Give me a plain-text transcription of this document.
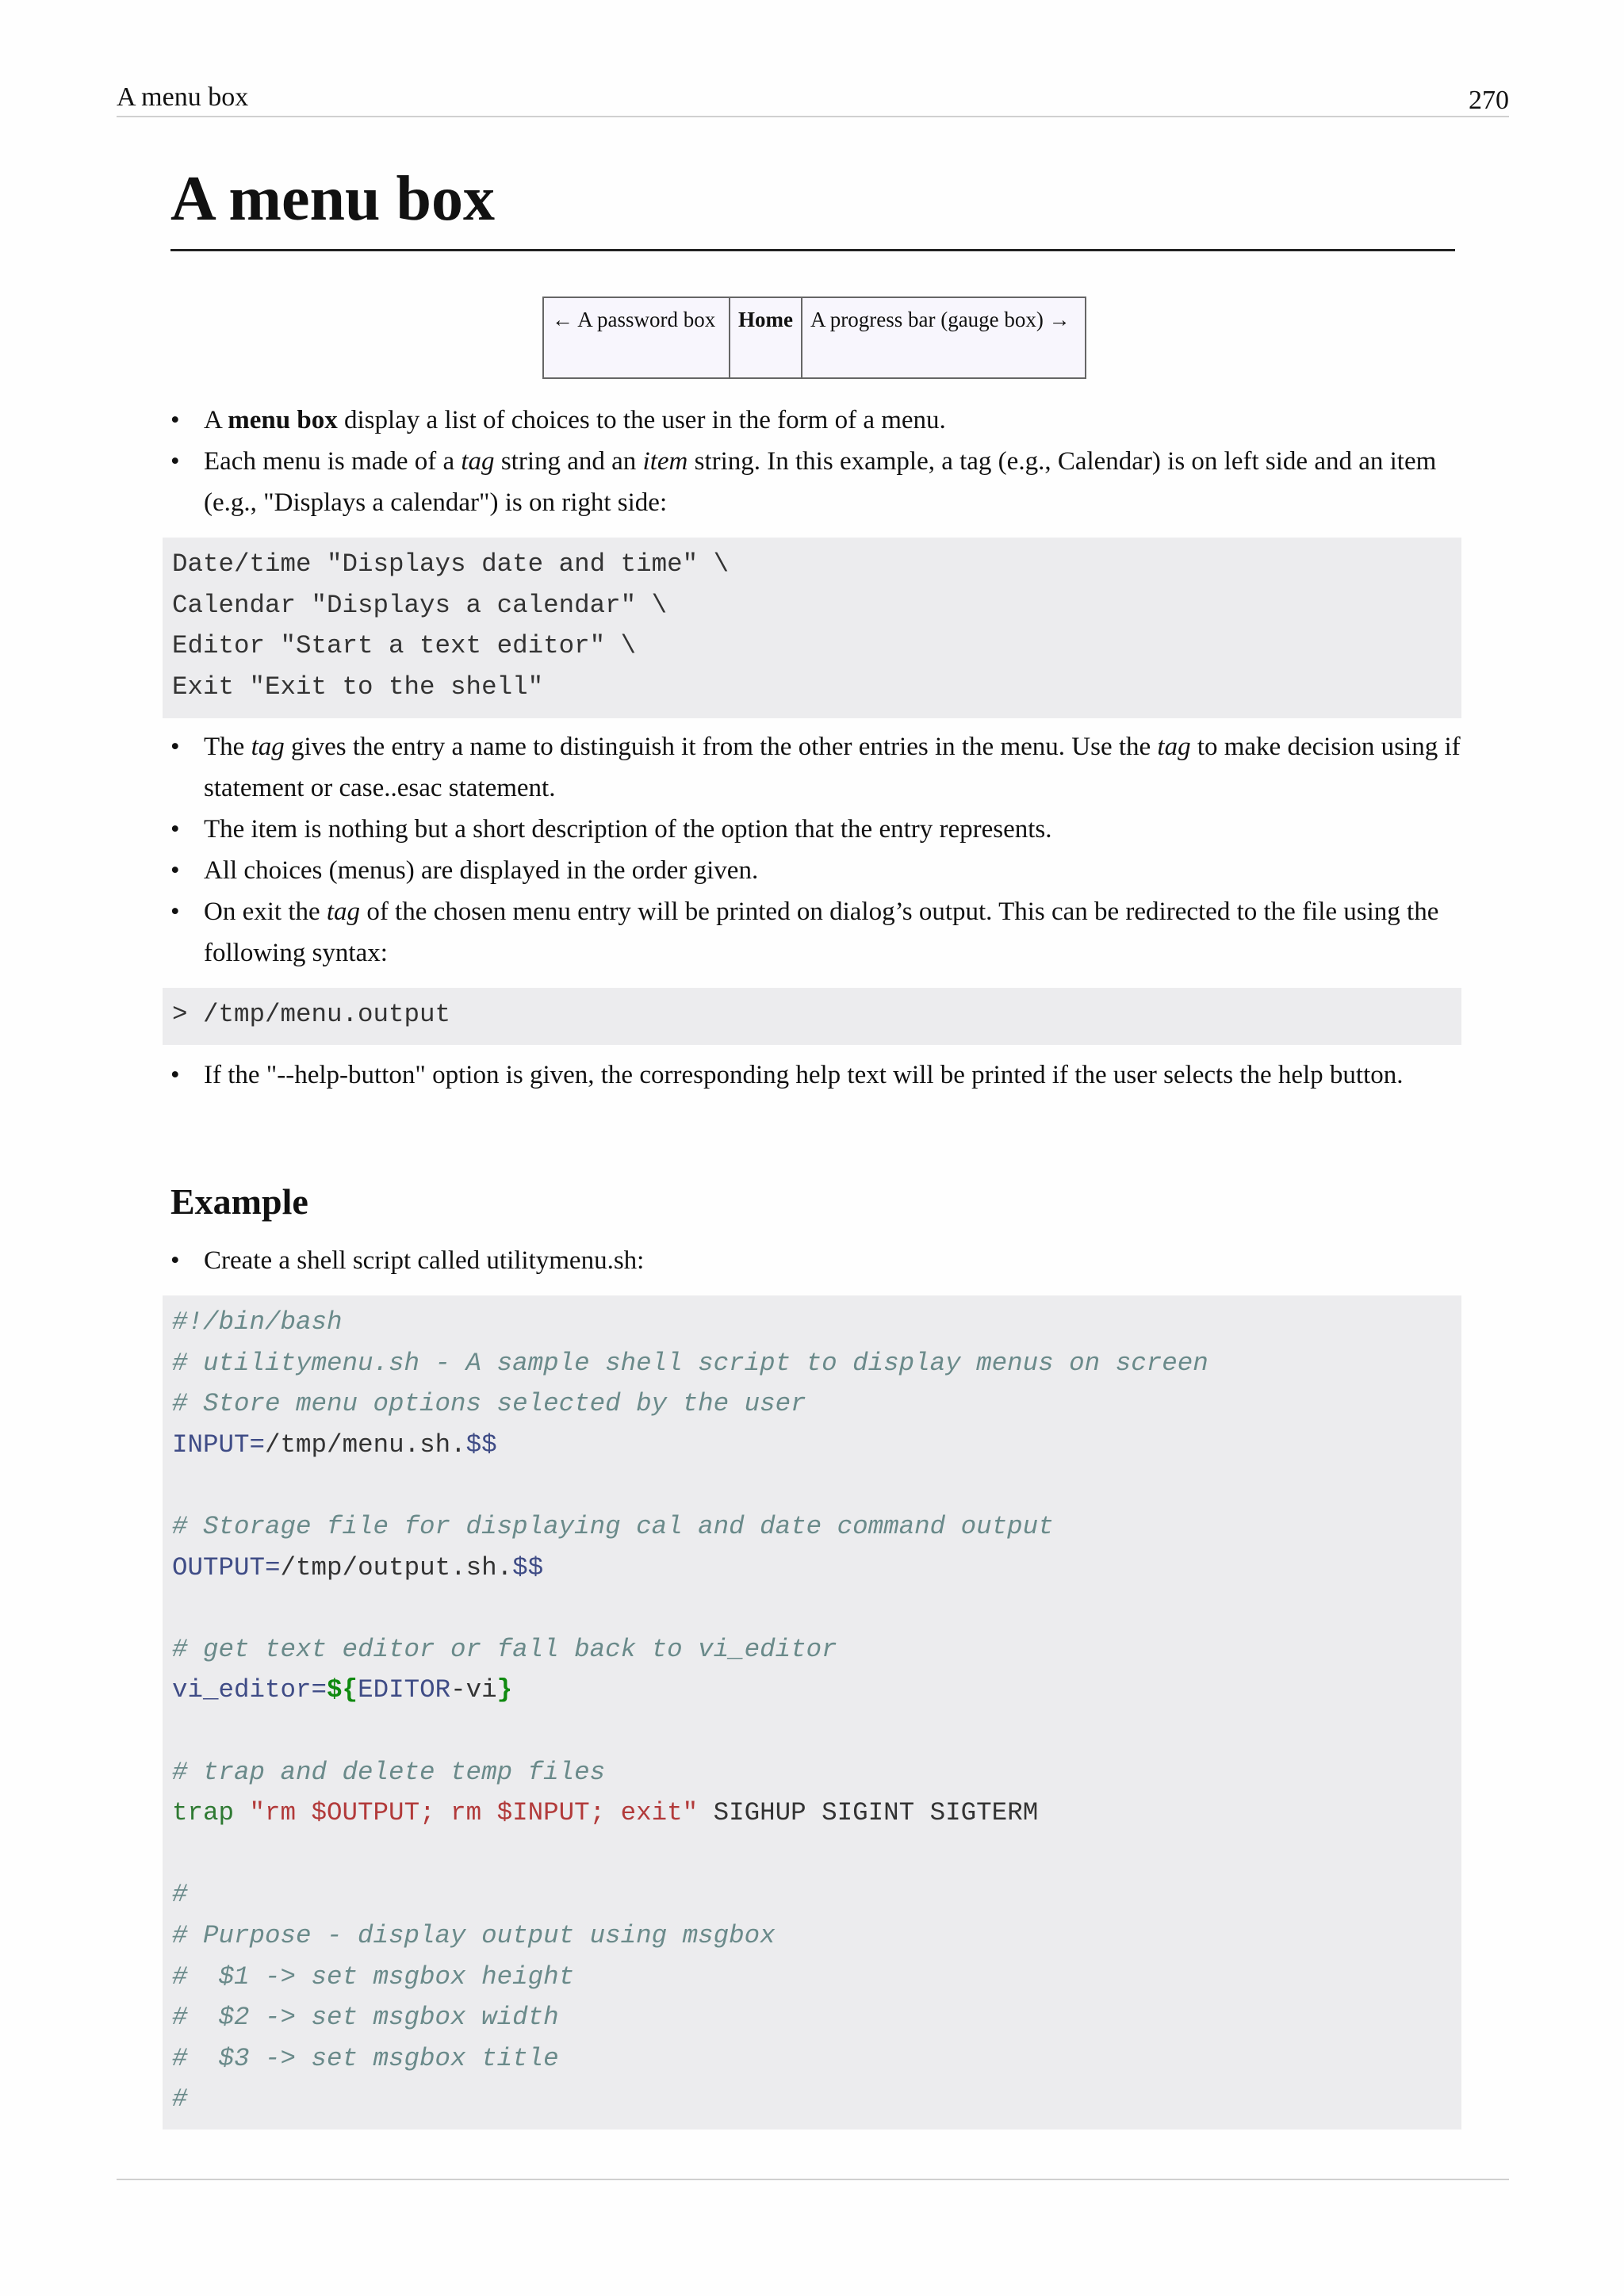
A menu box	270
A menu box
← A password box	Home	A progress bar (gauge box) →
• A menu box display a list of choices to the user in the form of a menu.
• Each menu is made of a tag string and an item string. In this example, a tag (e.g., Calendar) is on left side and an item (e.g., "Displays a calendar") is on right side:
Date/time "Displays date and time" \
Calendar "Displays a calendar" \
Editor "Start a text editor" \
Exit "Exit to the shell"
• The tag gives the entry a name to distinguish it from the other entries in the menu. Use the tag to make decision using if statement or case..esac statement.
• The item is nothing but a short description of the option that the entry represents.
• All choices (menus) are displayed in the order given.
• On exit the tag of the chosen menu entry will be printed on dialog’s output. This can be redirected to the file using the following syntax:
> /tmp/menu.output
• If the "--help-button" option is given, the corresponding help text will be printed if the user selects the help button.
Example
• Create a shell script called utilitymenu.sh:
#!/bin/bash
# utilitymenu.sh - A sample shell script to display menus on screen
# Store menu options selected by the user
INPUT=/tmp/menu.sh.$$
# Storage file for displaying cal and date command output
OUTPUT=/tmp/output.sh.$$
# get text editor or fall back to vi_editor
vi_editor=${EDITOR-vi}
# trap and delete temp files
trap "rm $OUTPUT; rm $INPUT; exit" SIGHUP SIGINT SIGTERM
#
# Purpose - display output using msgbox
#  $1 -> set msgbox height
#  $2 -> set msgbox width
#  $3 -> set msgbox title
#
